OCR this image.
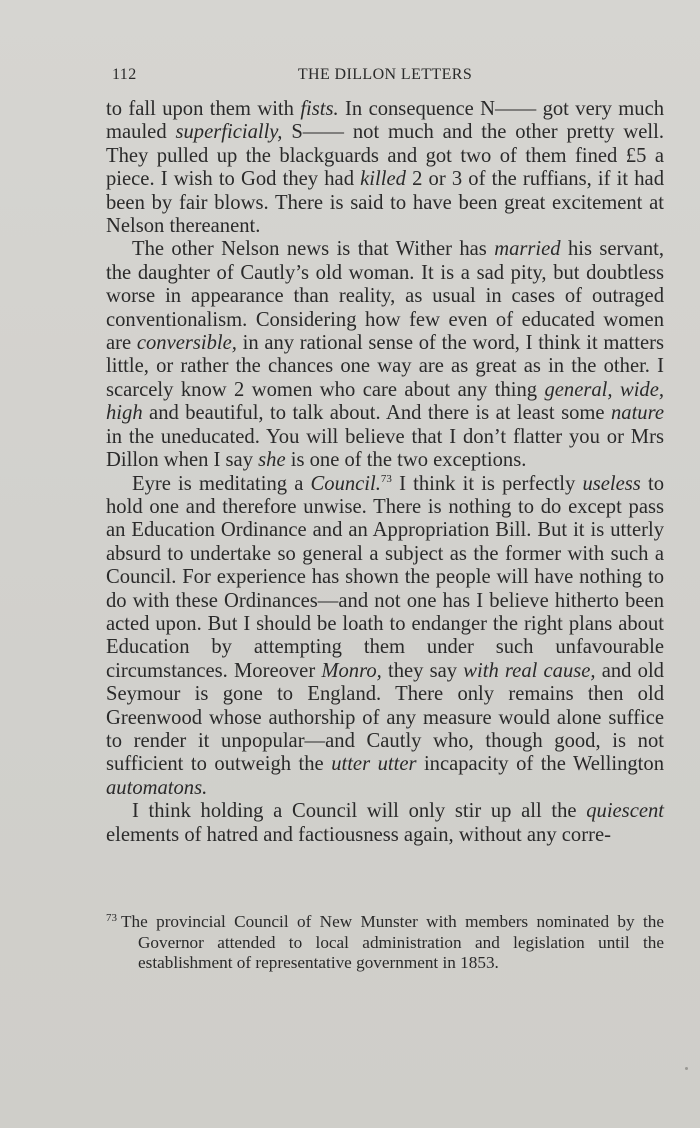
112	THE DILLON LETTERS

to fall upon them with fists. In consequence N—— got very much mauled superficially, S—— not much and the other pretty well. They pulled up the blackguards and got two of them fined £5 a piece. I wish to God they had killed 2 or 3 of the ruffians, if it had been by fair blows. There is said to have been great excitement at Nelson thereanent.

The other Nelson news is that Wither has married his servant, the daughter of Cautly’s old woman. It is a sad pity, but doubtless worse in appearance than reality, as usual in cases of outraged conventionalism. Considering how few even of educated women are conversible, in any rational sense of the word, I think it matters little, or rather the chances one way are as great as in the other. I scarcely know 2 women who care about any thing general, wide, high and beautiful, to talk about. And there is at least some nature in the uneducated. You will believe that I don’t flatter you or Mrs Dillon when I say she is one of the two exceptions.

Eyre is meditating a Council.$^{73}$ I think it is perfectly useless to hold one and therefore unwise. There is nothing to do except pass an Education Ordinance and an Appropriation Bill. But it is utterly absurd to undertake so general a subject as the former with such a Council. For experience has shown the people will have nothing to do with these Ordinances—and not one has I believe hitherto been acted upon. But I should be loath to endanger the right plans about Education by attempting them under such unfavourable circumstances. Moreover Monro, they say with real cause, and old Seymour is gone to England. There only remains then old Greenwood whose authorship of any measure would alone suffice to render it unpopular—and Cautly who, though good, is not sufficient to outweigh the utter utter incapacity of the Wellington automatons.

I think holding a Council will only stir up all the quiescent elements of hatred and factiousness again, without any corre-

$^{73}$ The provincial Council of New Munster with members nominated by the Governor attended to local administration and legislation until the establishment of representative government in 1853.
